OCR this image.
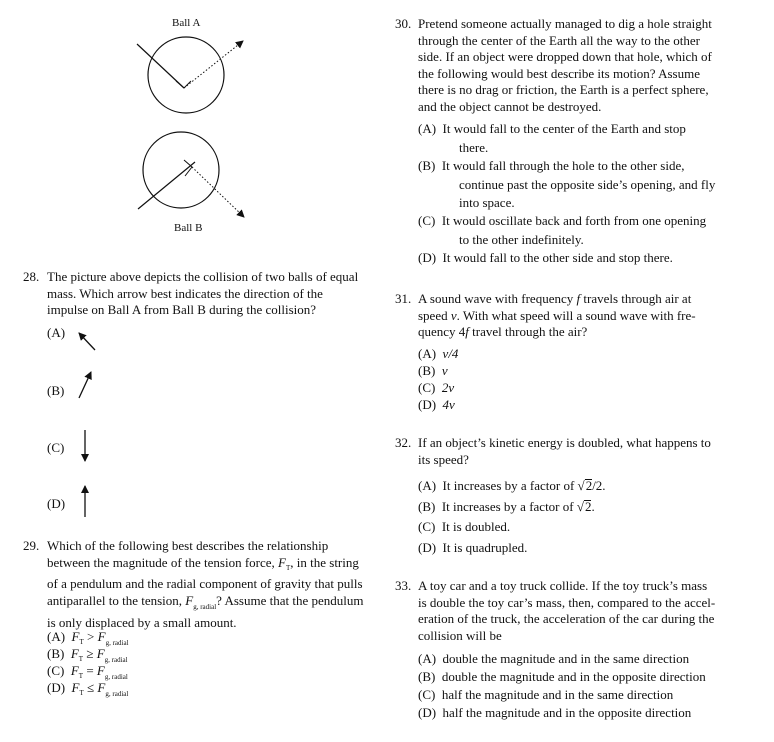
Ball A
Ball B
28. The picture above depicts the collision of two balls of equal mass. Which arrow best indicates the direction of the impulse on Ball A from Ball B during the collision?
(A)
(B)
(C)
(D)
29. Which of the following best describes the relationship between the magnitude of the tension force, $F_T$, in the string of a pendulum and the radial component of gravity that pulls antiparallel to the tension, $F_{g, radial}$? Assume that the pendulum is only displaced by a small amount.
(A) $F_T > F_{g, radial}$
(B) $F_T \ge F_{g, radial}$
(C) $F_T = F_{g, radial}$
(D) $F_T \le F_{g, radial}$
30. Pretend someone actually managed to dig a hole straight
through the center of the Earth all the way to the other
side. If an object were dropped down that hole, which of
the following would best describe its motion? Assume
there is no drag or friction, the Earth is a perfect sphere,
and the object cannot be destroyed.
(A) It would fall to the center of the Earth and stop
there.
(B) It would fall through the hole to the other side,
continue past the opposite side’s opening, and fly
into space.
(C) It would oscillate back and forth from one opening
to the other indefinitely.
(D) It would fall to the other side and stop there.
31. A sound wave with frequency f travels through air at
speed v. With what speed will a sound wave with fre-
quency 4f travel through the air?
(A) v/4
(B) v
(C) 2v
(D) 4v
32. If an object’s kinetic energy is doubled, what happens to
its speed?
(A) It increases by a factor of √2/2.
(B) It increases by a factor of √2.
(C) It is doubled.
(D) It is quadrupled.
33. A toy car and a toy truck collide. If the toy truck’s mass
is double the toy car’s mass, then, compared to the accel-
eration of the truck, the acceleration of the car during the
collision will be
(A) double the magnitude and in the same direction
(B) double the magnitude and in the opposite direction
(C) half the magnitude and in the same direction
(D) half the magnitude and in the opposite direction
